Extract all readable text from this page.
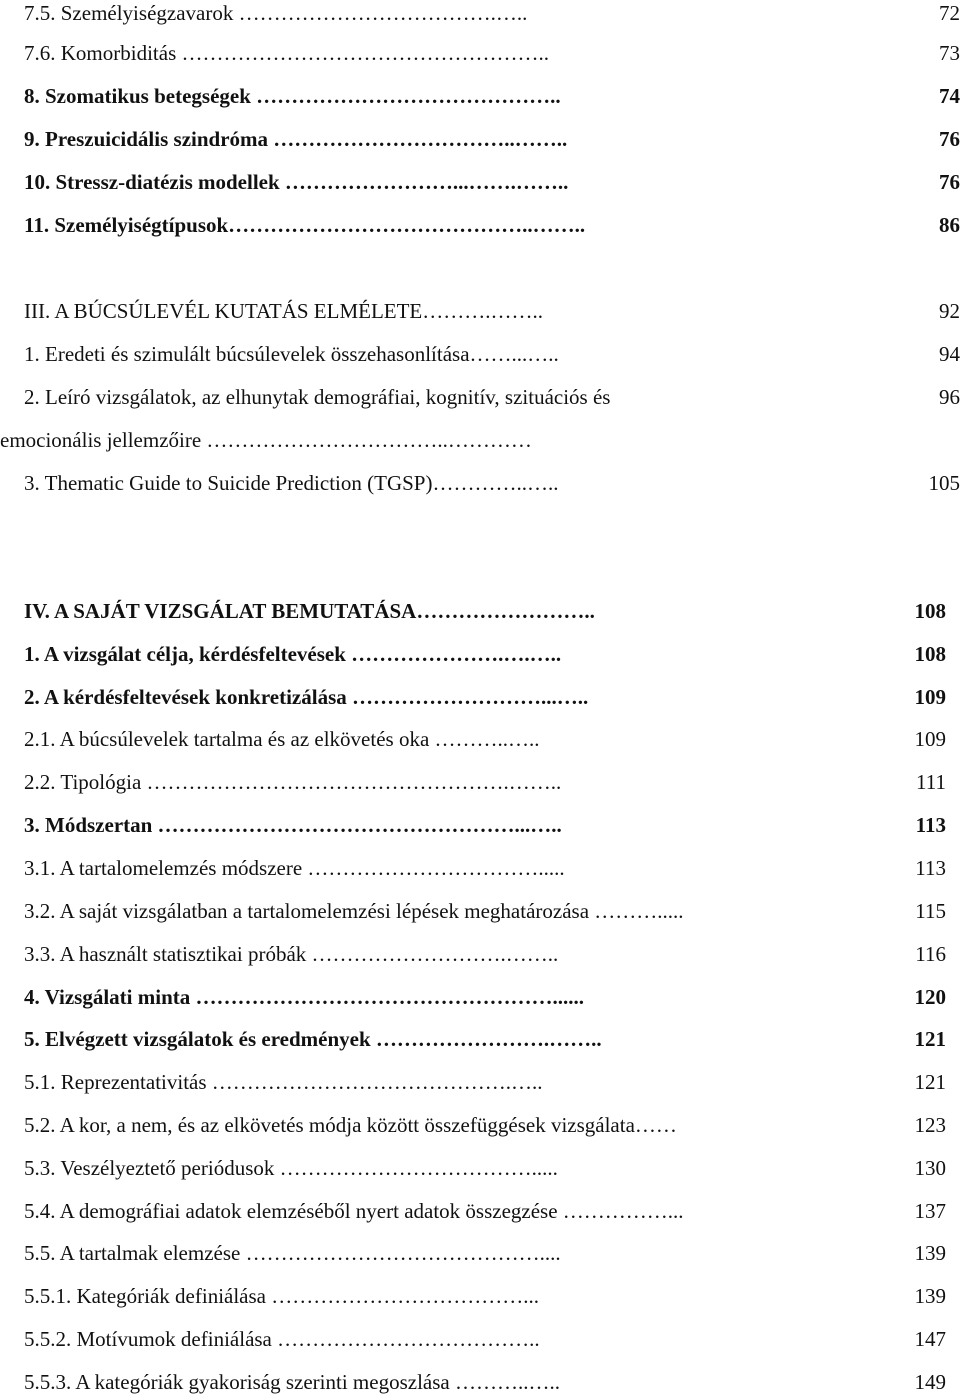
7.5. Személyiségzavarok ……………………………….…..	72
7.6. Komorbiditás ……………………………………………..	73
8. Szomatikus betegségek ……………………………………..	74
9. Preszuicidális szindróma ……………………………..……..	76
10. Stressz-diatézis modellek ……………………...…….……..	76
11. Személyiségtípusok……………………………………..……..	86
III. A BÚCSÚLEVÉL KUTATÁS ELMÉLETE……….……..	92
1. Eredeti és szimulált búcsúlevelek összehasonlítása……...…..	94
2. Leíró vizsgálatok, az elhunytak demográfiai, kognitív, szituációs és	96
emocionális jellemzőire ……………………………..…………
3. Thematic Guide to Suicide Prediction (TGSP)…………..…..	105
IV. A SAJÁT VIZSGÁLAT BEMUTATÁSA……………………..	108
1. A vizsgálat célja, kérdésfeltevések ………………….….…..	108
2. A kérdésfeltevések konkretizálása ………………………...…..	109
2.1. A búcsúlevelek tartalma és az elkövetés oka ………..…..	109
2.2. Tipológia …………………………………………….……..	111
3. Módszertan ……………………………………………...…..	113
3.1. A tartalomelemzés módszere …………………………….....	113
3.2. A saját vizsgálatban a tartalomelemzési lépések meghatározása ……….....	115
3.3. A használt statisztikai próbák ……………………….……..	116
4. Vizsgálati minta ……………………………………………......	120
5. Elvégzett vizsgálatok és eredmények …………………….……..	121
5.1. Reprezentativitás …………………………………….…..	121
5.2. A kor, a nem, és az elkövetés módja között összefüggések vizsgálata……	123
5.3. Veszélyeztető periódusok ……………………………….....	130
5.4. A demográfiai adatok elemzéséből nyert adatok összegzése ……………...	137
5.5. A tartalmak elemzése ……………………………………....	139
5.5.1. Kategóriák definiálása ………………………………...	139
5.5.2. Motívumok definiálása ………………………………..	147
5.5.3. A kategóriák gyakoriság szerinti megoszlása ………..…..	149
